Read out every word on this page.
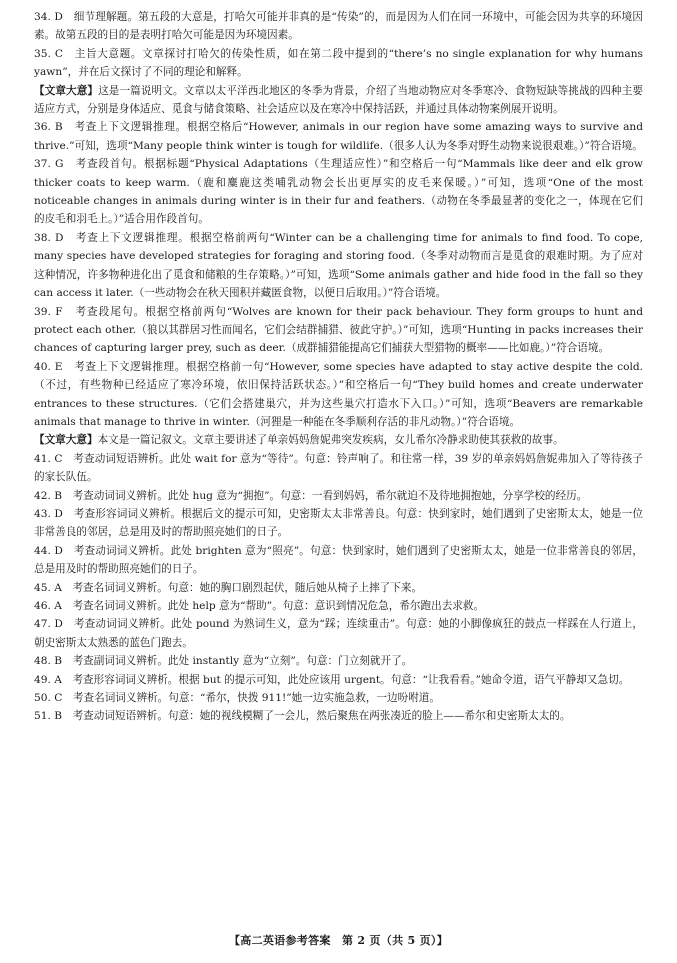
34. D　细节理解题。第五段的大意是，打哈欠可能并非真的是“传染”的，而是因为人们在同一环境中，可能会因为共享的环境因素。故第五段的目的是表明打哈欠可能是因为环境因素。

35. C　主旨大意题。文章探讨打哈欠的传染性质，如在第二段中提到的“there’s no single explanation for why humans yawn”，并在后文探讨了不同的理论和解释。

【文章大意】这是一篇说明文。文章以太平洋西北地区的冬季为背景，介绍了当地动物应对冬季寒冷、食物短缺等挑战的四种主要适应方式，分别是身体适应、觅食与储食策略、社会适应以及在寒冷中保持活跃，并通过具体动物案例展开说明。

36. B　考查上下文逻辑推理。根据空格后“However, animals in our region have some amazing ways to survive and thrive.”可知，选项“Many people think winter is tough for wildlife.（很多人认为冬季对野生动物来说很艰难。）”符合语境。

37. G　考查段首句。根据标题“Physical Adaptations（生理适应性）”和空格后一句“Mammals like deer and elk grow thicker coats to keep warm.（鹿和麋鹿这类哺乳动物会长出更厚实的皮毛来保暖。）”可知，选项“One of the most noticeable changes in animals during winter is in their fur and feathers.（动物在冬季最显著的变化之一，体现在它们的皮毛和羽毛上。）”适合用作段首句。

38. D　考查上下文逻辑推理。根据空格前两句“Winter can be a challenging time for animals to find food. To cope, many species have developed strategies for foraging and storing food.（冬季对动物而言是觅食的艰难时期。为了应对这种情况，许多物种进化出了觅食和储粮的生存策略。）”可知，选项“Some animals gather and hide food in the fall so they can access it later.（一些动物会在秋天囤积并藏匿食物，以便日后取用。）”符合语境。

39. F　考查段尾句。根据空格前两句“Wolves are known for their pack behaviour. They form groups to hunt and protect each other.（狼以其群居习性而闻名，它们会结群捕猎、彼此守护。）”可知，选项“Hunting in packs increases their chances of capturing larger prey, such as deer.（成群捕猎能提高它们捕获大型猎物的概率——比如鹿。）”符合语境。

40. E　考查上下文逻辑推理。根据空格前一句“However, some species have adapted to stay active despite the cold.（不过，有些物种已经适应了寒冷环境，依旧保持活跃状态。）”和空格后一句“They build homes and create underwater entrances to these structures.（它们会搭建巢穴，并为这些巢穴打造水下入口。）”可知，选项“Beavers are remarkable animals that manage to thrive in winter.（河狸是一种能在冬季顺利存活的非凡动物。）”符合语境。

【文章大意】本文是一篇记叙文。文章主要讲述了单亲妈妈詹妮弗突发疾病，女儿希尔冷静求助使其获救的故事。

41. C　考查动词短语辨析。此处 wait for 意为“等待”。句意：铃声响了。和往常一样，39 岁的单亲妈妈詹妮弗加入了等待孩子的家长队伍。

42. B　考查动词词义辨析。此处 hug 意为“拥抱”。句意：一看到妈妈，希尔就迫不及待地拥抱她，分享学校的经历。

43. D　考查形容词词义辨析。根据后文的提示可知，史密斯太太非常善良。句意：快到家时，她们遇到了史密斯太太，她是一位非常善良的邻居，总是用及时的帮助照亮她们的日子。

44. D　考查动词词义辨析。此处 brighten 意为“照亮”。句意：快到家时，她们遇到了史密斯太太，她是一位非常善良的邻居，总是用及时的帮助照亮她们的日子。

45. A　考查名词词义辨析。句意：她的胸口剧烈起伏，随后她从椅子上摔了下来。

46. A　考查名词词义辨析。此处 help 意为“帮助”。句意：意识到情况危急，希尔跑出去求救。

47. D　考查动词词义辨析。此处 pound 为熟词生义，意为“踩；连续重击”。句意：她的小脚像疯狂的鼓点一样踩在人行道上，朝史密斯太太熟悉的蓝色门跑去。

48. B　考查副词词义辨析。此处 instantly 意为“立刻”。句意：门立刻就开了。

49. A　考查形容词词义辨析。根据 but 的提示可知，此处应该用 urgent。句意：“让我看看。”她命令道，语气平静却又急切。

50. C　考查名词词义辨析。句意：“希尔，快拨 911!”她一边实施急救，一边吩咐道。

51. B　考查动词短语辨析。句意：她的视线模糊了一会儿，然后聚焦在两张凑近的脸上——希尔和史密斯太太的。

【高二英语参考答案　第 2 页（共 5 页）】
